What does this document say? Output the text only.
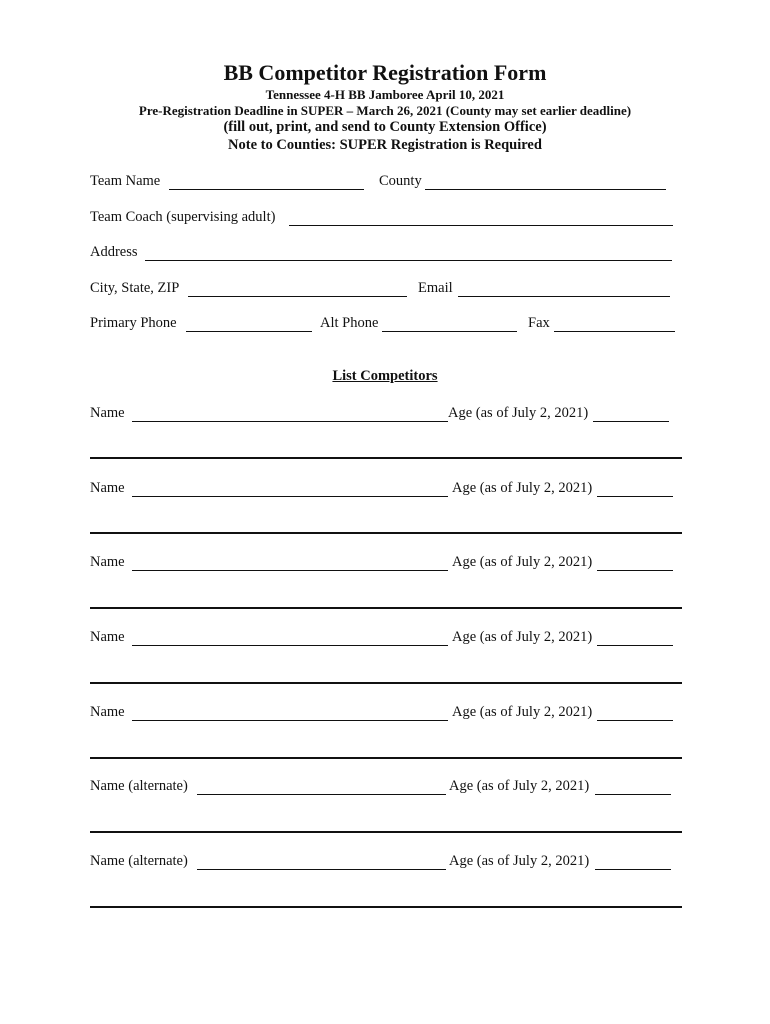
BB Competitor Registration Form
Tennessee 4-H BB Jamboree April 10, 2021
Pre-Registration Deadline in SUPER – March 26, 2021 (County may set earlier deadline)
(fill out, print, and send to County Extension Office)
Note to Counties: SUPER Registration is Required
Team Name	County
Team Coach (supervising adult)
Address
City, State, ZIP	Email
Primary Phone	Alt Phone	Fax
List Competitors
Name	Age (as of July 2, 2021)
Name	Age (as of July 2, 2021)
Name	Age (as of July 2, 2021)
Name	Age (as of July 2, 2021)
Name	Age (as of July 2, 2021)
Name (alternate)	Age (as of July 2, 2021)
Name (alternate)	Age (as of July 2, 2021)
